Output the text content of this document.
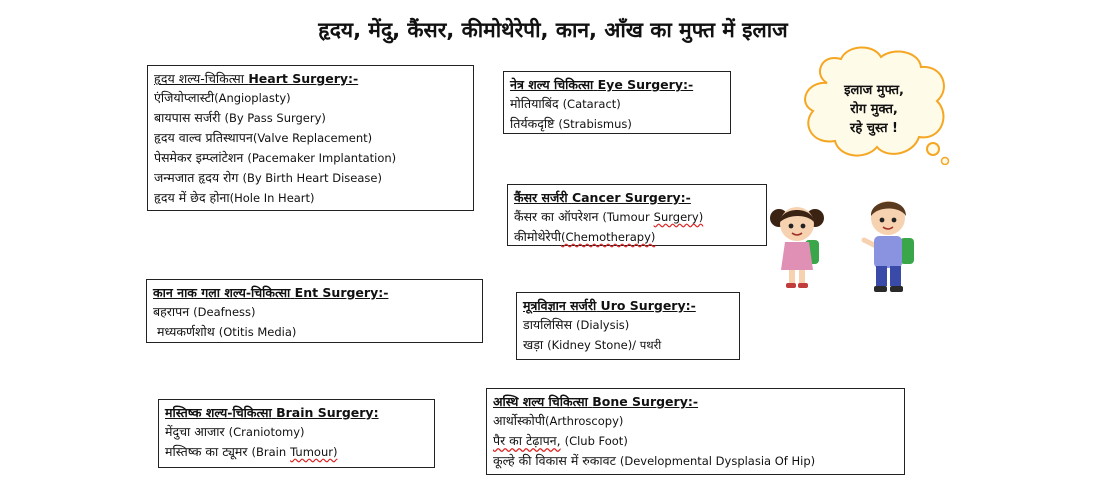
हृदय, मेंदु, कैंसर, कीमोथेरेपी, कान, आँख का मुफ्त में इलाज
हृदय शल्य-चिकित्सा Heart Surgery:-
एंजियोप्लास्टी(Angioplasty)
बायपास सर्जरी (By Pass Surgery)
हृदय वाल्व प्रतिस्थापन(Valve Replacement)
पेसमेकर इम्प्लांटेशन (Pacemaker Implantation)
जन्मजात हृदय रोग (By Birth Heart Disease)
हृदय में छेद होना(Hole In Heart)
नेत्र शल्य चिकित्सा Eye Surgery:-
मोतियाबिंद (Cataract)
तिर्यकदृष्टि (Strabismus)
कैंसर सर्जरी Cancer Surgery:-
कैंसर का ऑपरेशन (Tumour Surgery)
कीमोथेरेपी(Chemotherapy)
कान नाक गला शल्य-चिकित्सा Ent Surgery:-
बहरापन (Deafness)
मध्यकर्णशोथ (Otitis Media)
मूत्रविज्ञान सर्जरी Uro Surgery:-
डायलिसिस (Dialysis)
खड़ा (Kidney Stone)/ पथरी
मस्तिष्क शल्य-चिकित्सा Brain Surgery:
मेंदुचा आजार (Craniotomy)
मस्तिष्क का ट्यूमर (Brain Tumour)
अस्थि शल्य चिकित्सा Bone Surgery:-
आर्थोस्कोपी(Arthroscopy)
पैर का टेढ़ापन, (Club Foot)
कूल्हे की विकास में रुकावट (Developmental Dysplasia Of Hip)
इलाज मुफ्त,
रोग मुक्त,
रहे चुस्त !
